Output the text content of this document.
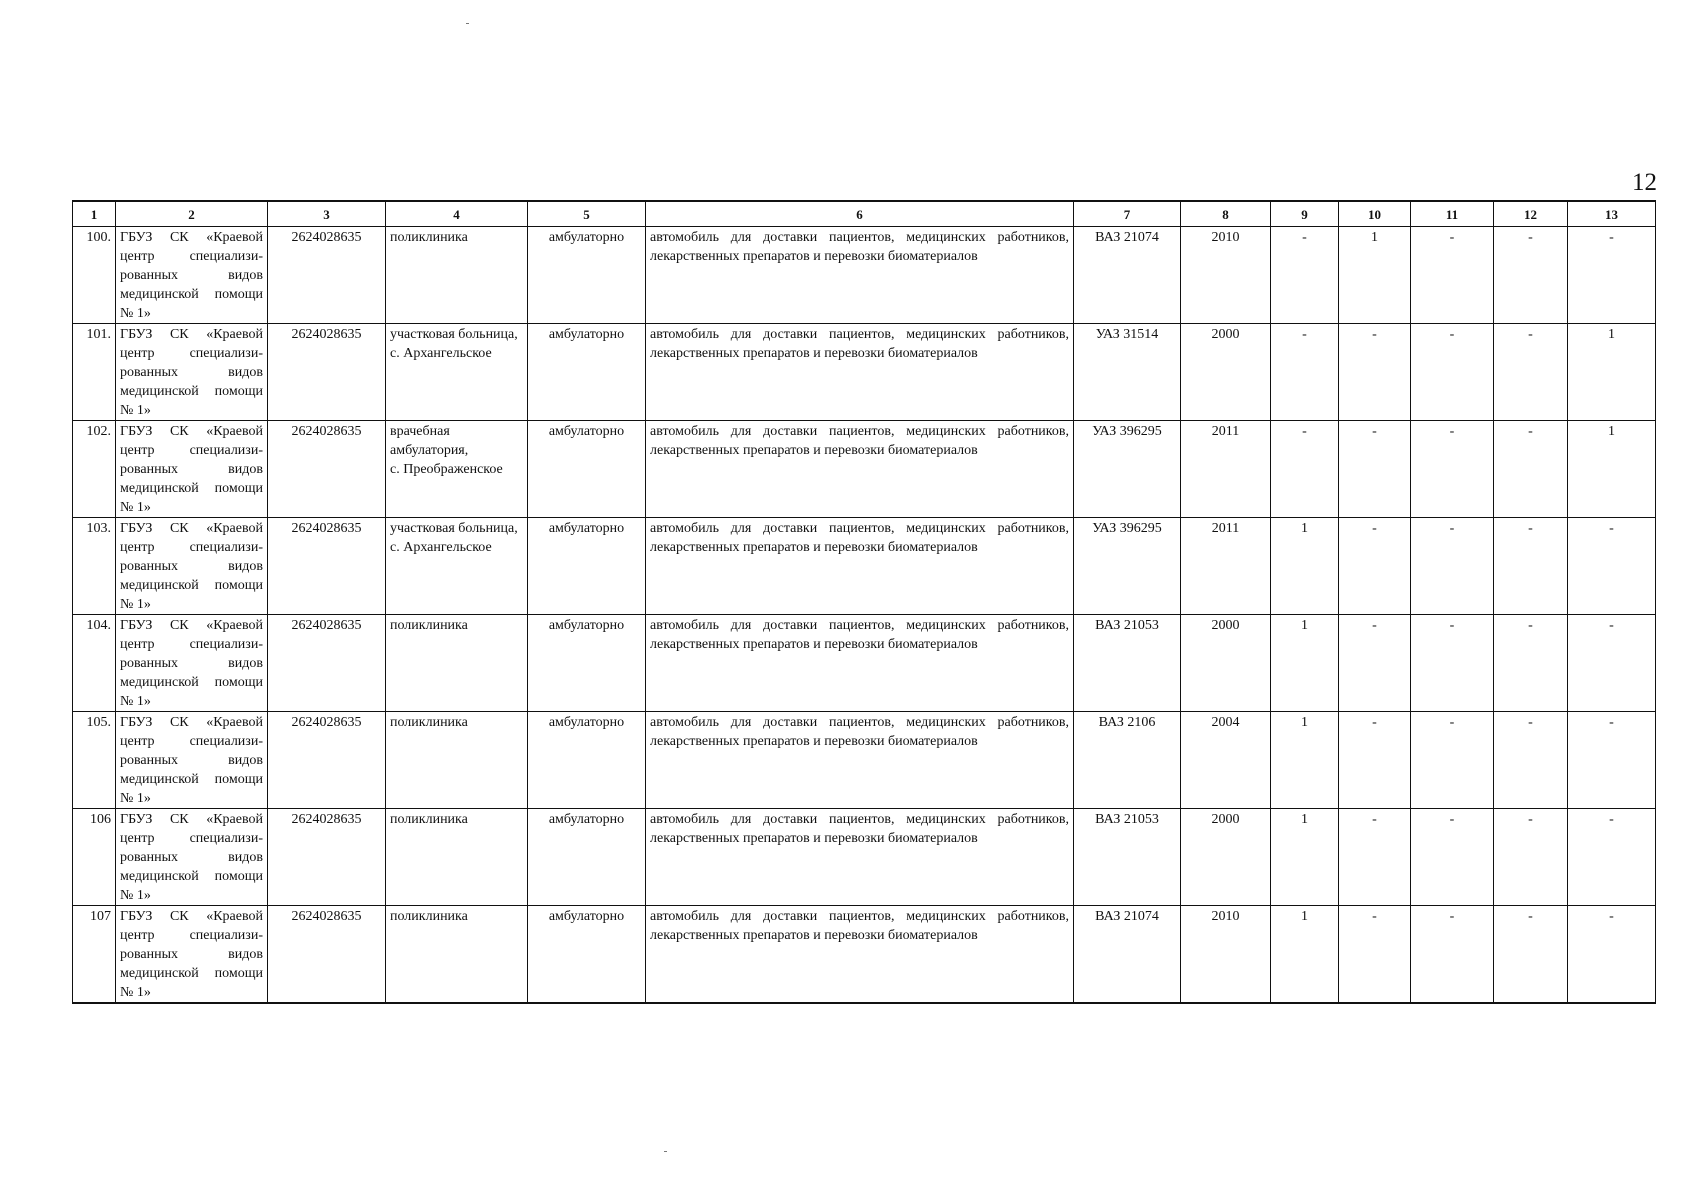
12
1	2	3	4	5	6	7	8	9	10	11	12	13
100.	ГБУЗ СК «Краевой
центр специализи-
рованных видов
медицинской помощи
№ 1»	2624028635	поликлиника	амбулаторно	автомобиль для доставки пациентов, медицинских работников, лекарственных препаратов и перевозки биоматериалов	ВАЗ 21074	2010	-	1	-	-	-
101.	ГБУЗ СК «Краевой
центр специализи-
рованных видов
медицинской помощи
№ 1»	2624028635	участковая больница,
с. Архангельское	амбулаторно	автомобиль для доставки пациентов, медицинских работников, лекарственных препаратов и перевозки биоматериалов	УАЗ 31514	2000	-	-	-	-	1
102.	ГБУЗ СК «Краевой
центр специализи-
рованных видов
медицинской помощи
№ 1»	2624028635	врачебная
амбулатория,
с. Преображенское	амбулаторно	автомобиль для доставки пациентов, медицинских работников, лекарственных препаратов и перевозки биоматериалов	УАЗ 396295	2011	-	-	-	-	1
103.	ГБУЗ СК «Краевой
центр специализи-
рованных видов
медицинской помощи
№ 1»	2624028635	участковая больница,
с. Архангельское	амбулаторно	автомобиль для доставки пациентов, медицинских работников, лекарственных препаратов и перевозки биоматериалов	УАЗ 396295	2011	1	-	-	-	-
104.	ГБУЗ СК «Краевой
центр специализи-
рованных видов
медицинской помощи
№ 1»	2624028635	поликлиника	амбулаторно	автомобиль для доставки пациентов, медицинских работников, лекарственных препаратов и перевозки биоматериалов	ВАЗ 21053	2000	1	-	-	-	-
105.	ГБУЗ СК «Краевой
центр специализи-
рованных видов
медицинской помощи
№ 1»	2624028635	поликлиника	амбулаторно	автомобиль для доставки пациентов, медицинских работников, лекарственных препаратов и перевозки биоматериалов	ВАЗ 2106	2004	1	-	-	-	-
106	ГБУЗ СК «Краевой
центр специализи-
рованных видов
медицинской помощи
№ 1»	2624028635	поликлиника	амбулаторно	автомобиль для доставки пациентов, медицинских работников, лекарственных препаратов и перевозки биоматериалов	ВАЗ 21053	2000	1	-	-	-	-
107	ГБУЗ СК «Краевой
центр специализи-
рованных видов
медицинской помощи
№ 1»	2624028635	поликлиника	амбулаторно	автомобиль для доставки пациентов, медицинских работников, лекарственных препаратов и перевозки биоматериалов	ВАЗ 21074	2010	1	-	-	-	-
